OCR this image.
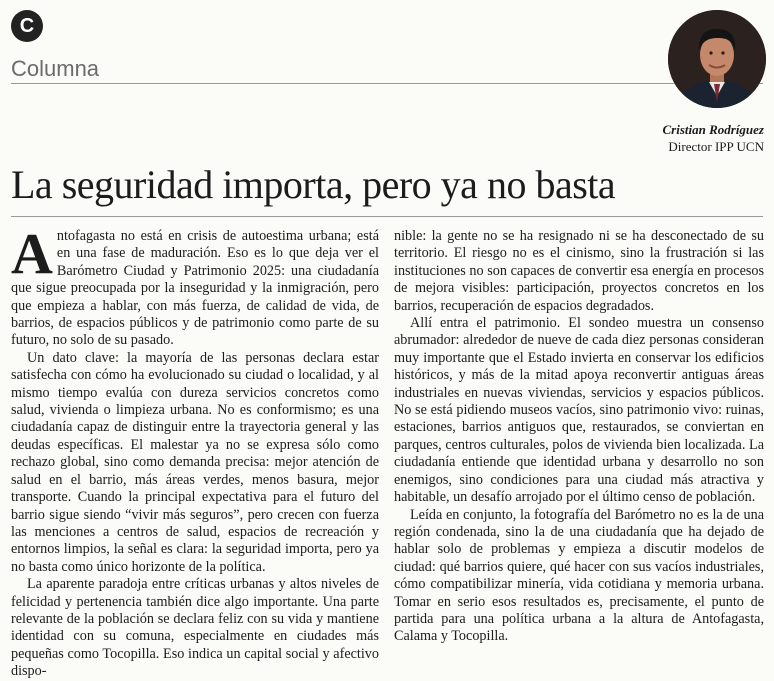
C
Columna
Cristian Rodríguez
Director IPP UCN
La seguridad importa, pero ya no basta

Antofagasta no está en crisis de autoestima urbana; está en una fase de maduración. Eso es lo que deja ver el Barómetro Ciudad y Patrimonio 2025: una ciudadanía que sigue preocupada por la inseguridad y la inmigración, pero que empieza a hablar, con más fuerza, de calidad de vida, de barrios, de espacios públicos y de patrimonio como parte de su futuro, no solo de su pasado.

Un dato clave: la mayoría de las personas declara estar satisfecha con cómo ha evolucionado su ciudad o localidad, y al mismo tiempo evalúa con dureza servicios concretos como salud, vivienda o limpieza urbana. No es conformismo; es una ciudadanía capaz de distinguir entre la trayectoria general y las deudas específicas. El malestar ya no se expresa sólo como rechazo global, sino como demanda precisa: mejor atención de salud en el barrio, más áreas verdes, menos basura, mejor transporte. Cuando la principal expectativa para el futuro del barrio sigue siendo “vivir más seguros”, pero crecen con fuerza las menciones a centros de salud, espacios de recreación y entornos limpios, la señal es clara: la seguridad importa, pero ya no basta como único horizonte de la política.

La aparente paradoja entre críticas urbanas y altos niveles de felicidad y pertenencia también dice algo importante. Una parte relevante de la población se declara feliz con su vida y mantiene identidad con su comuna, especialmente en ciudades más pequeñas como Tocopilla. Eso indica un capital social y afectivo dispo-

nible: la gente no se ha resignado ni se ha desconectado de su territorio. El riesgo no es el cinismo, sino la frustración si las instituciones no son capaces de convertir esa energía en procesos de mejora visibles: participación, proyectos concretos en los barrios, recuperación de espacios degradados.

Allí entra el patrimonio. El sondeo muestra un consenso abrumador: alrededor de nueve de cada diez personas consideran muy importante que el Estado invierta en conservar los edificios históricos, y más de la mitad apoya reconvertir antiguas áreas industriales en nuevas viviendas, servicios y espacios públicos. No se está pidiendo museos vacíos, sino patrimonio vivo: ruinas, estaciones, barrios antiguos que, restaurados, se conviertan en parques, centros culturales, polos de vivienda bien localizada. La ciudadanía entiende que identidad urbana y desarrollo no son enemigos, sino condiciones para una ciudad más atractiva y habitable, un desafío arrojado por el último censo de población.

Leída en conjunto, la fotografía del Barómetro no es la de una región condenada, sino la de una ciudadanía que ha dejado de hablar solo de problemas y empieza a discutir modelos de ciudad: qué barrios quiere, qué hacer con sus vacíos industriales, cómo compatibilizar minería, vida cotidiana y memoria urbana. Tomar en serio esos resultados es, precisamente, el punto de partida para una política urbana a la altura de Antofagasta, Calama y Tocopilla.
